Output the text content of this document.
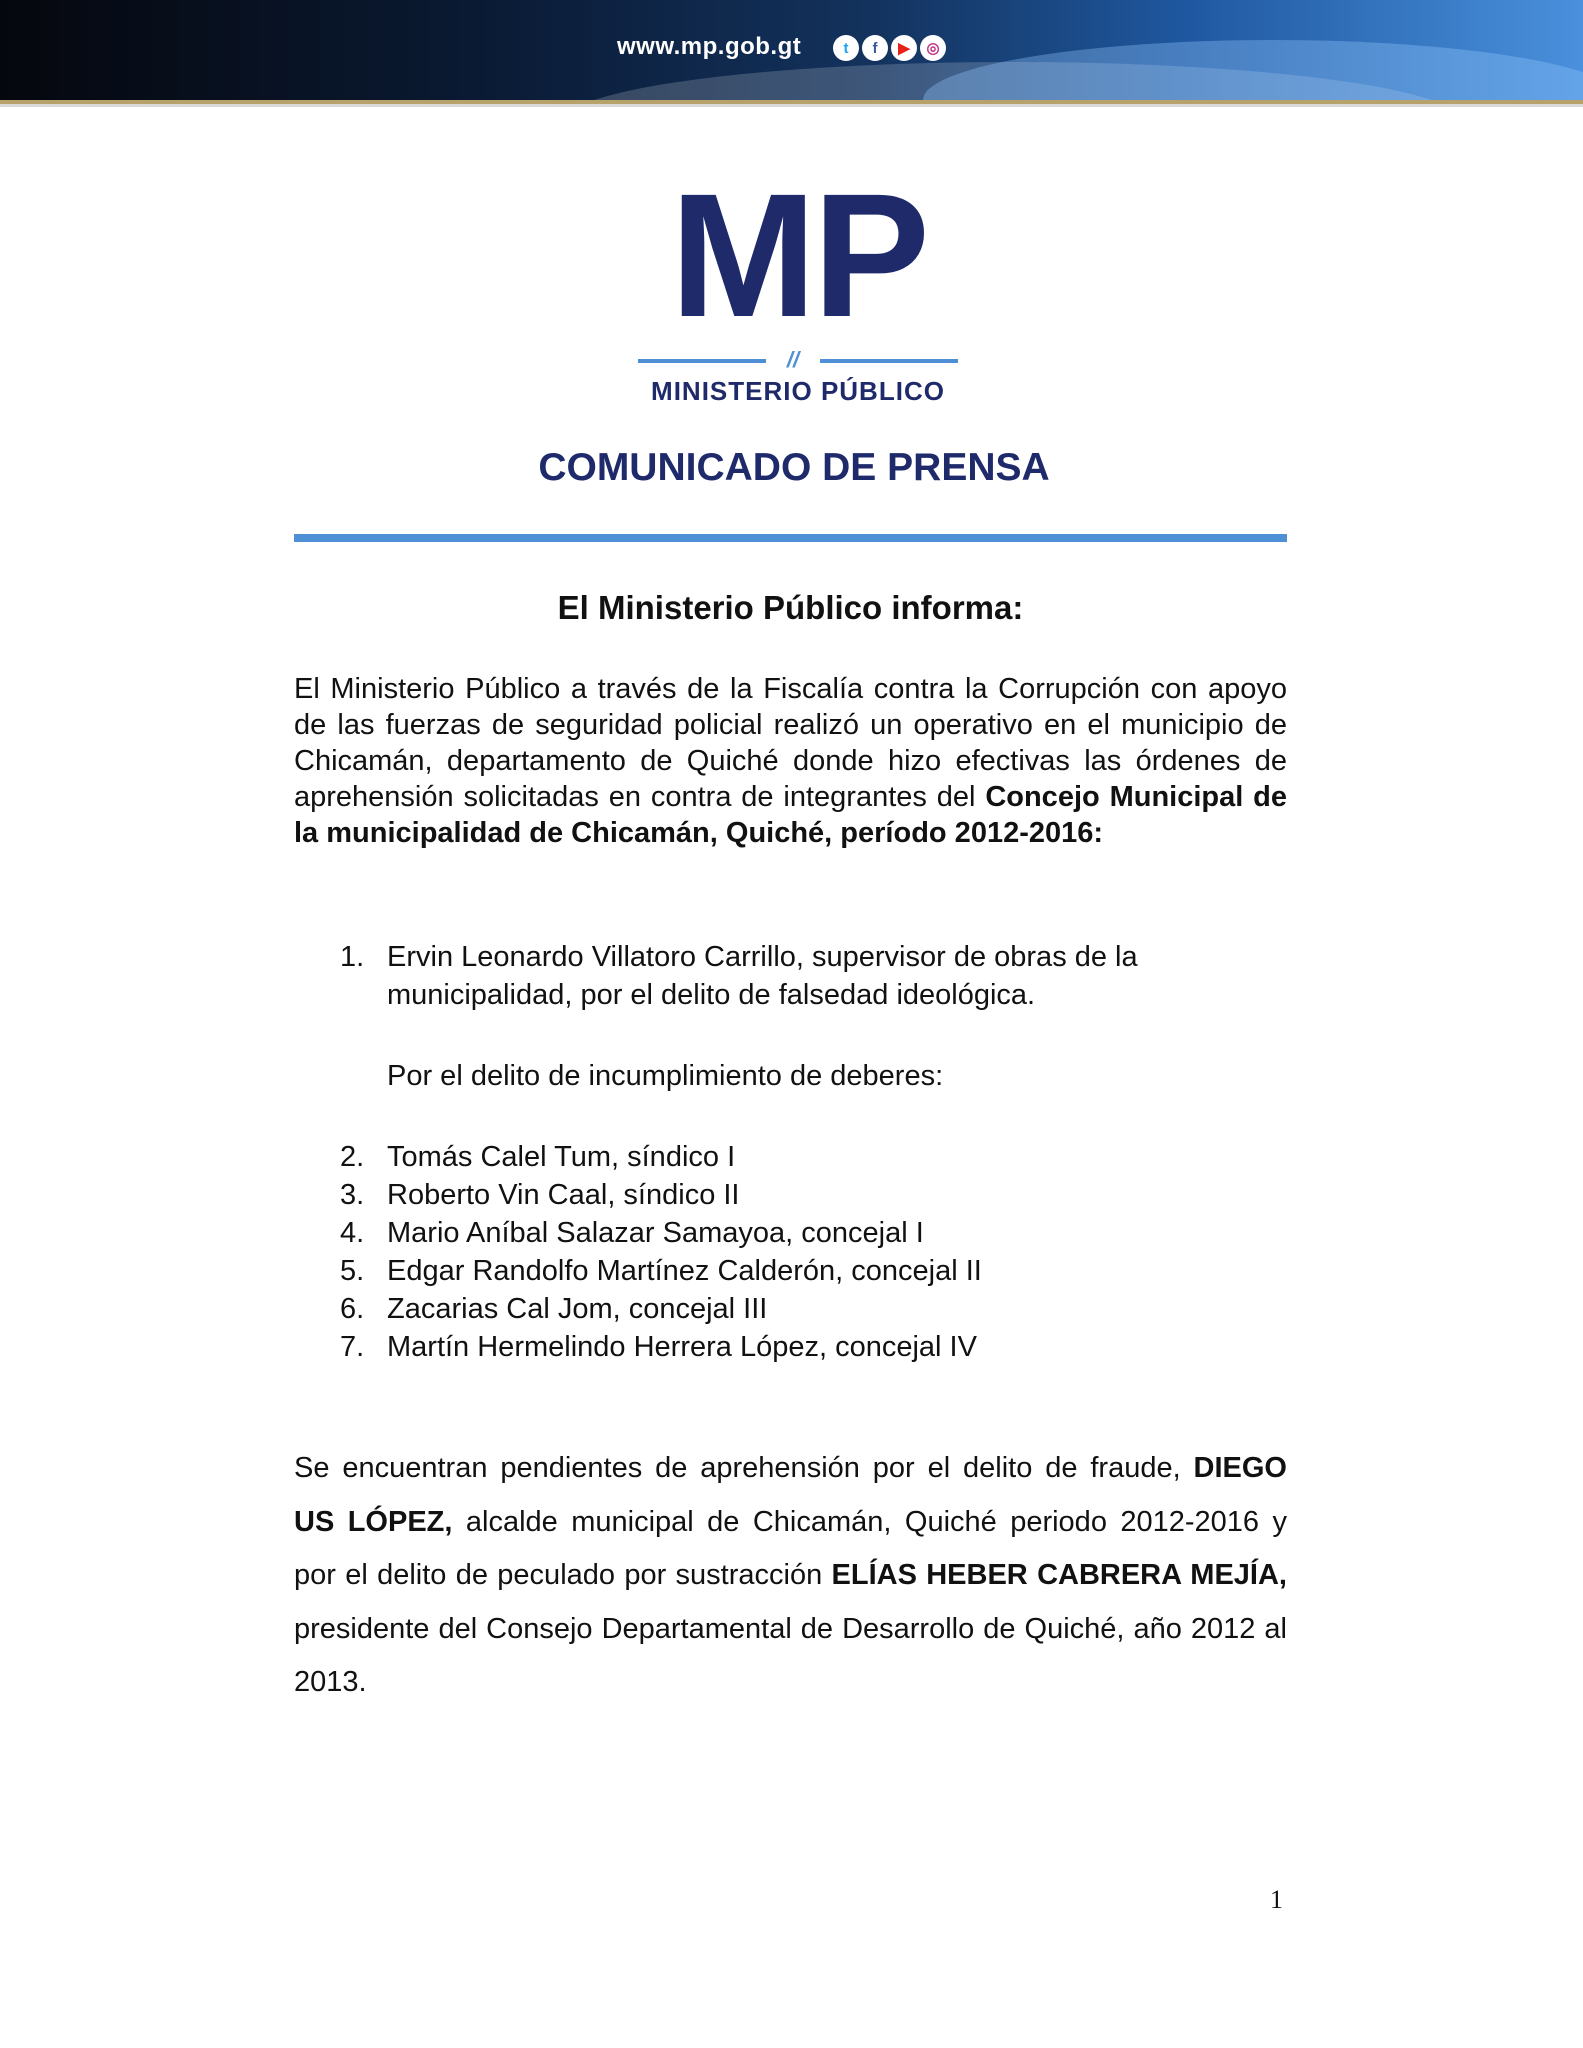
www.mp.gob.gt	t	f	▶	◎
MP
//
MINISTERIO PÚBLICO
COMUNICADO DE PRENSA
El Ministerio Público informa:
El Ministerio Público a través de la Fiscalía contra la Corrupción con apoyo de las fuerzas de seguridad policial realizó un operativo en el municipio de Chicamán, departamento de Quiché donde hizo efectivas las órdenes de aprehensión solicitadas en contra de integrantes del Concejo Municipal de la municipalidad de Chicamán, Quiché, período 2012-2016:
1. Ervin Leonardo Villatoro Carrillo, supervisor de obras de la municipalidad, por el delito de falsedad ideológica.
Por el delito de incumplimiento de deberes:
2. Tomás Calel Tum, síndico I
3. Roberto Vin Caal, síndico II
4. Mario Aníbal Salazar Samayoa, concejal I
5. Edgar Randolfo Martínez Calderón, concejal II
6. Zacarias Cal Jom, concejal III
7. Martín Hermelindo Herrera López, concejal IV
Se encuentran pendientes de aprehensión por el delito de fraude, DIEGO US LÓPEZ, alcalde municipal de Chicamán, Quiché periodo 2012-2016 y por el delito de peculado por sustracción ELÍAS HEBER CABRERA MEJÍA, presidente del Consejo Departamental de Desarrollo de Quiché, año 2012 al 2013.
1
